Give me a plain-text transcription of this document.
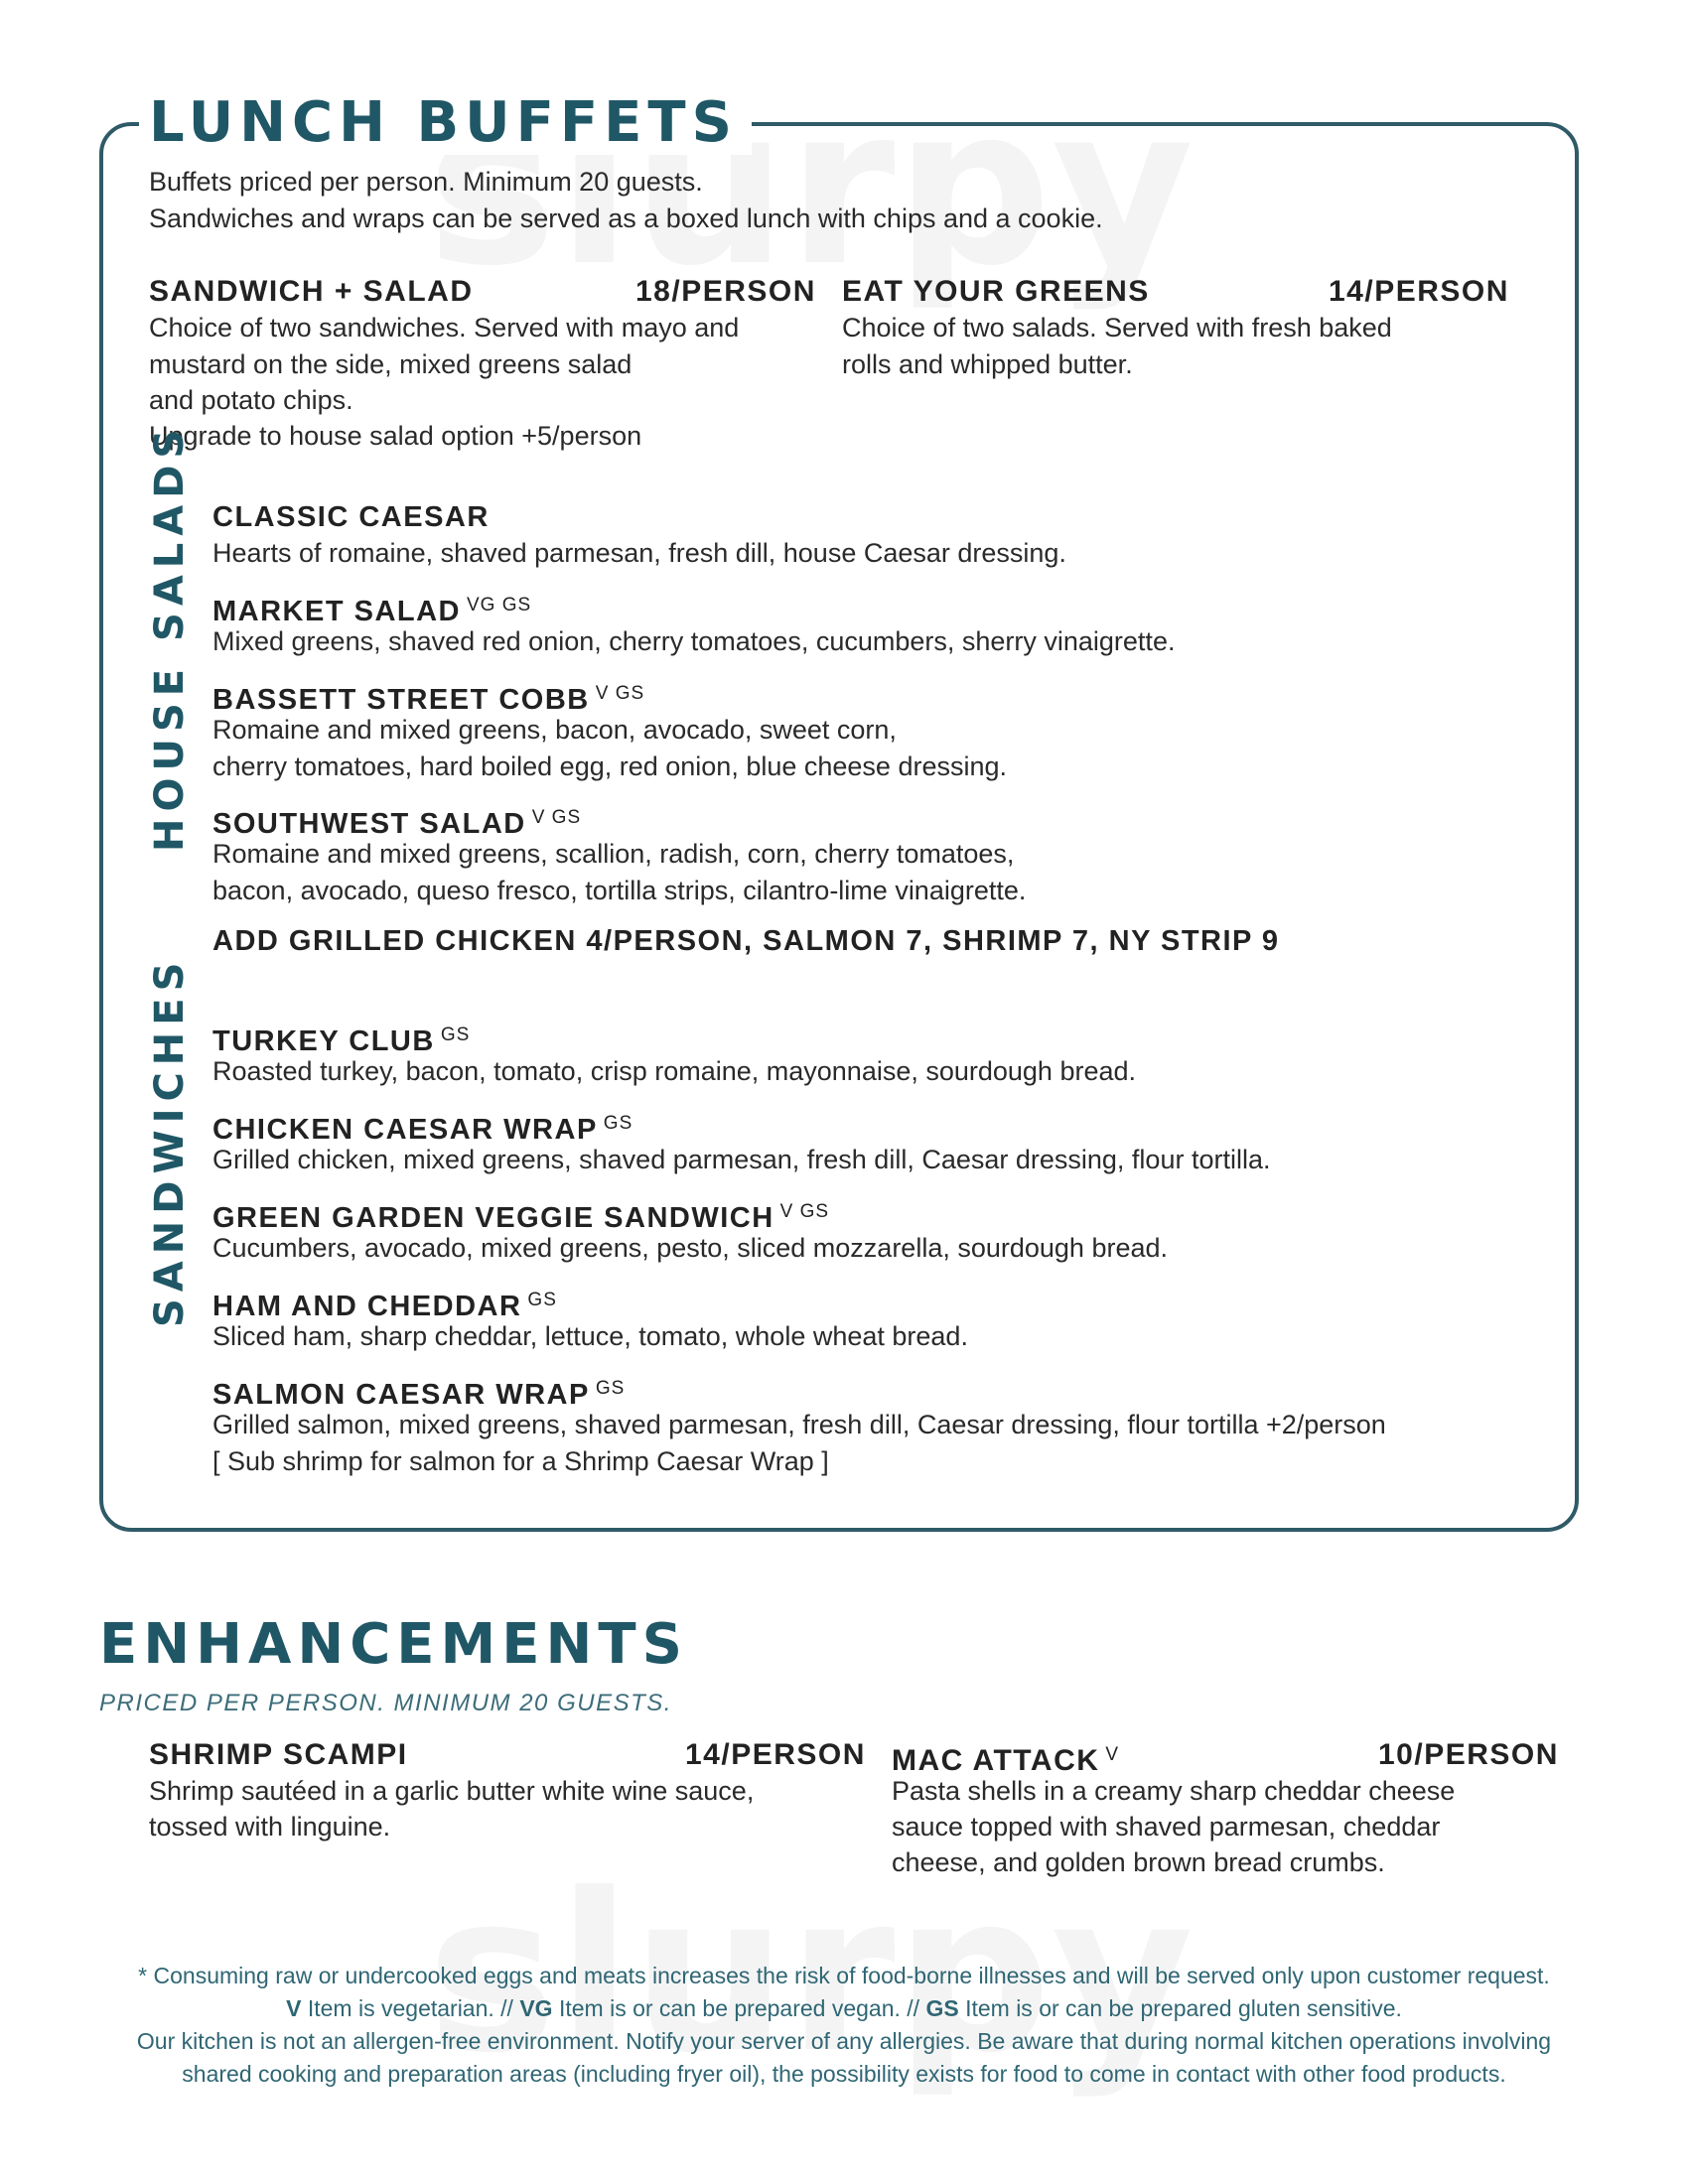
LUNCH BUFFETS
Buffets priced per person. Minimum 20 guests.
Sandwiches and wraps can be served as a boxed lunch with chips and a cookie.
SANDWICH + SALAD	18/PERSON
Choice of two sandwiches. Served with mayo and
mustard on the side, mixed greens salad
and potato chips.
Upgrade to house salad option +5/person
EAT YOUR GREENS	14/PERSON
Choice of two salads. Served with fresh baked
rolls and whipped butter.
HOUSE SALADS CLASSIC CAESAR
Hearts of romaine, shaved parmesan, fresh dill, house Caesar dressing.
MARKET SALAD $^{VG GS}$
Mixed greens, shaved red onion, cherry tomatoes, cucumbers, sherry vinaigrette.
BASSETT STREET COBB $^{V GS}$
Romaine and mixed greens, bacon, avocado, sweet corn,
cherry tomatoes, hard boiled egg, red onion, blue cheese dressing.
SOUTHWEST SALAD $^{V GS}$
Romaine and mixed greens, scallion, radish, corn, cherry tomatoes,
bacon, avocado, queso fresco, tortilla strips, cilantro-lime vinaigrette.
ADD GRILLED CHICKEN 4/PERSON, SALMON 7, SHRIMP 7, NY STRIP 9
SANDWICHES TURKEY CLUB $^{GS}$
Roasted turkey, bacon, tomato, crisp romaine, mayonnaise, sourdough bread.
CHICKEN CAESAR WRAP $^{GS}$
Grilled chicken, mixed greens, shaved parmesan, fresh dill, Caesar dressing, flour tortilla.
GREEN GARDEN VEGGIE SANDWICH $^{V GS}$
Cucumbers, avocado, mixed greens, pesto, sliced mozzarella, sourdough bread.
HAM AND CHEDDAR $^{GS}$
Sliced ham, sharp cheddar, lettuce, tomato, whole wheat bread.
SALMON CAESAR WRAP $^{GS}$
Grilled salmon, mixed greens, shaved parmesan, fresh dill, Caesar dressing, flour tortilla +2/person
[ Sub shrimp for salmon for a Shrimp Caesar Wrap ]
ENHANCEMENTS
PRICED PER PERSON. MINIMUM 20 GUESTS.
SHRIMP SCAMPI	14/PERSON
Shrimp sautéed in a garlic butter white wine sauce,
tossed with linguine.
MAC ATTACK $^V$	10/PERSON
Pasta shells in a creamy sharp cheddar cheese
sauce topped with shaved parmesan, cheddar
cheese, and golden brown bread crumbs.
* Consuming raw or undercooked eggs and meats increases the risk of food-borne illnesses and will be served only upon customer request.
V Item is vegetarian. // VG Item is or can be prepared vegan. // GS Item is or can be prepared gluten sensitive.
Our kitchen is not an allergen-free environment. Notify your server of any allergies. Be aware that during normal kitchen operations involving
shared cooking and preparation areas (including fryer oil), the possibility exists for food to come in contact with other food products.
